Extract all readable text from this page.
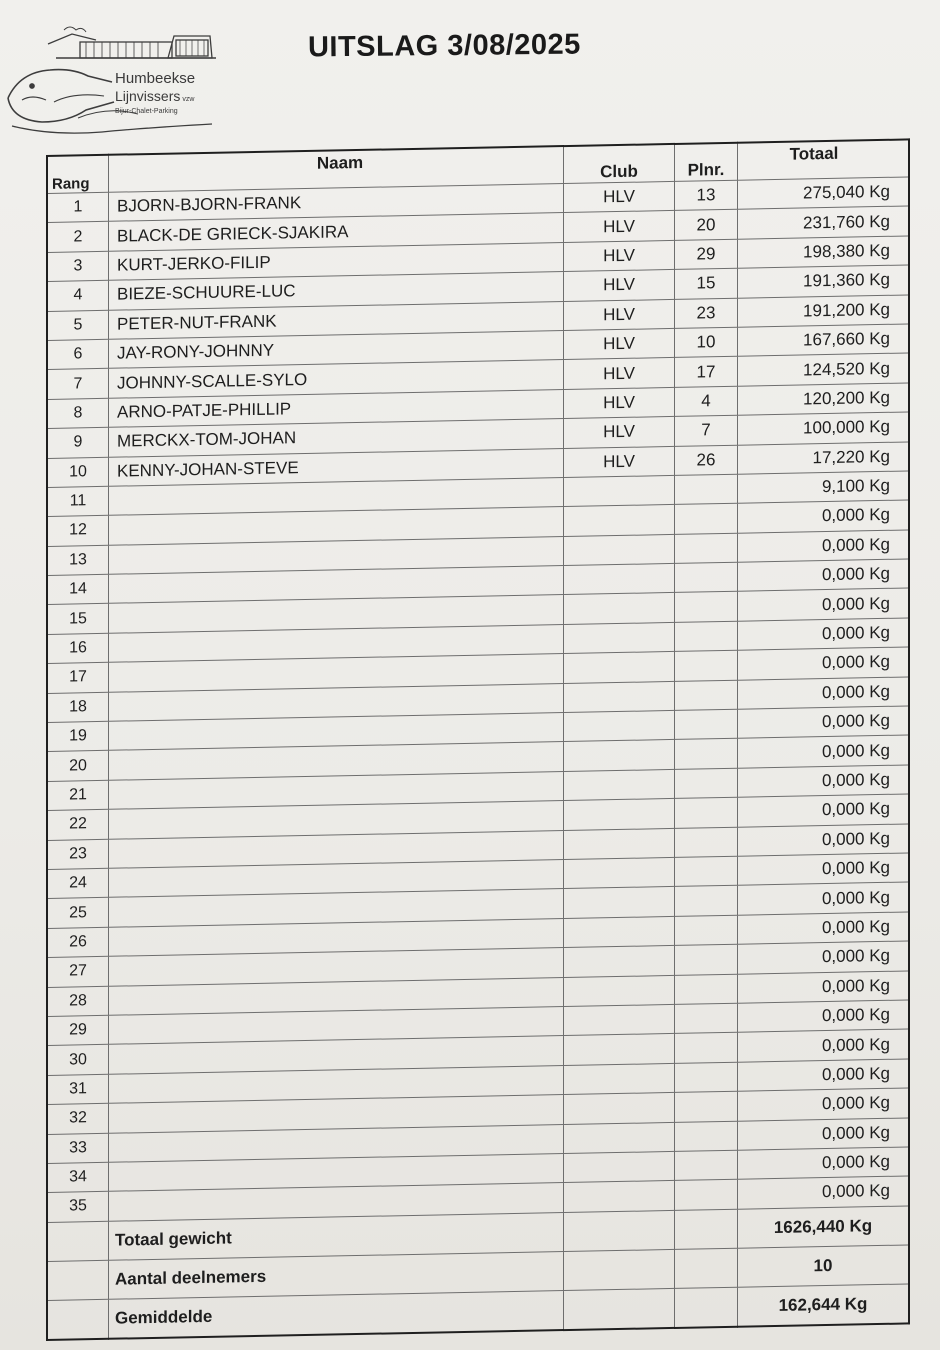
Humbeekse
Lijnvissers vzw
Bijur-Chalet-Parking
UITSLAG 3/08/2025
Rang	Naam	Club	Plnr.	Totaal
1	BJORN-BJORN-FRANK	HLV	13	275,040 Kg
2	BLACK-DE GRIECK-SJAKIRA	HLV	20	231,760 Kg
3	KURT-JERKO-FILIP	HLV	29	198,380 Kg
4	BIEZE-SCHUURE-LUC	HLV	15	191,360 Kg
5	PETER-NUT-FRANK	HLV	23	191,200 Kg
6	JAY-RONY-JOHNNY	HLV	10	167,660 Kg
7	JOHNNY-SCALLE-SYLO	HLV	17	124,520 Kg
8	ARNO-PATJE-PHILLIP	HLV	4	120,200 Kg
9	MERCKX-TOM-JOHAN	HLV	7	100,000 Kg
10	KENNY-JOHAN-STEVE	HLV	26	17,220 Kg
11				9,100 Kg
12				0,000 Kg
13				0,000 Kg
14				0,000 Kg
15				0,000 Kg
16				0,000 Kg
17				0,000 Kg
18				0,000 Kg
19				0,000 Kg
20				0,000 Kg
21				0,000 Kg
22				0,000 Kg
23				0,000 Kg
24				0,000 Kg
25				0,000 Kg
26				0,000 Kg
27				0,000 Kg
28				0,000 Kg
29				0,000 Kg
30				0,000 Kg
31				0,000 Kg
32				0,000 Kg
33				0,000 Kg
34				0,000 Kg
35				0,000 Kg
	Totaal gewicht			1626,440 Kg
	Aantal deelnemers			10
	Gemiddelde			162,644 Kg
